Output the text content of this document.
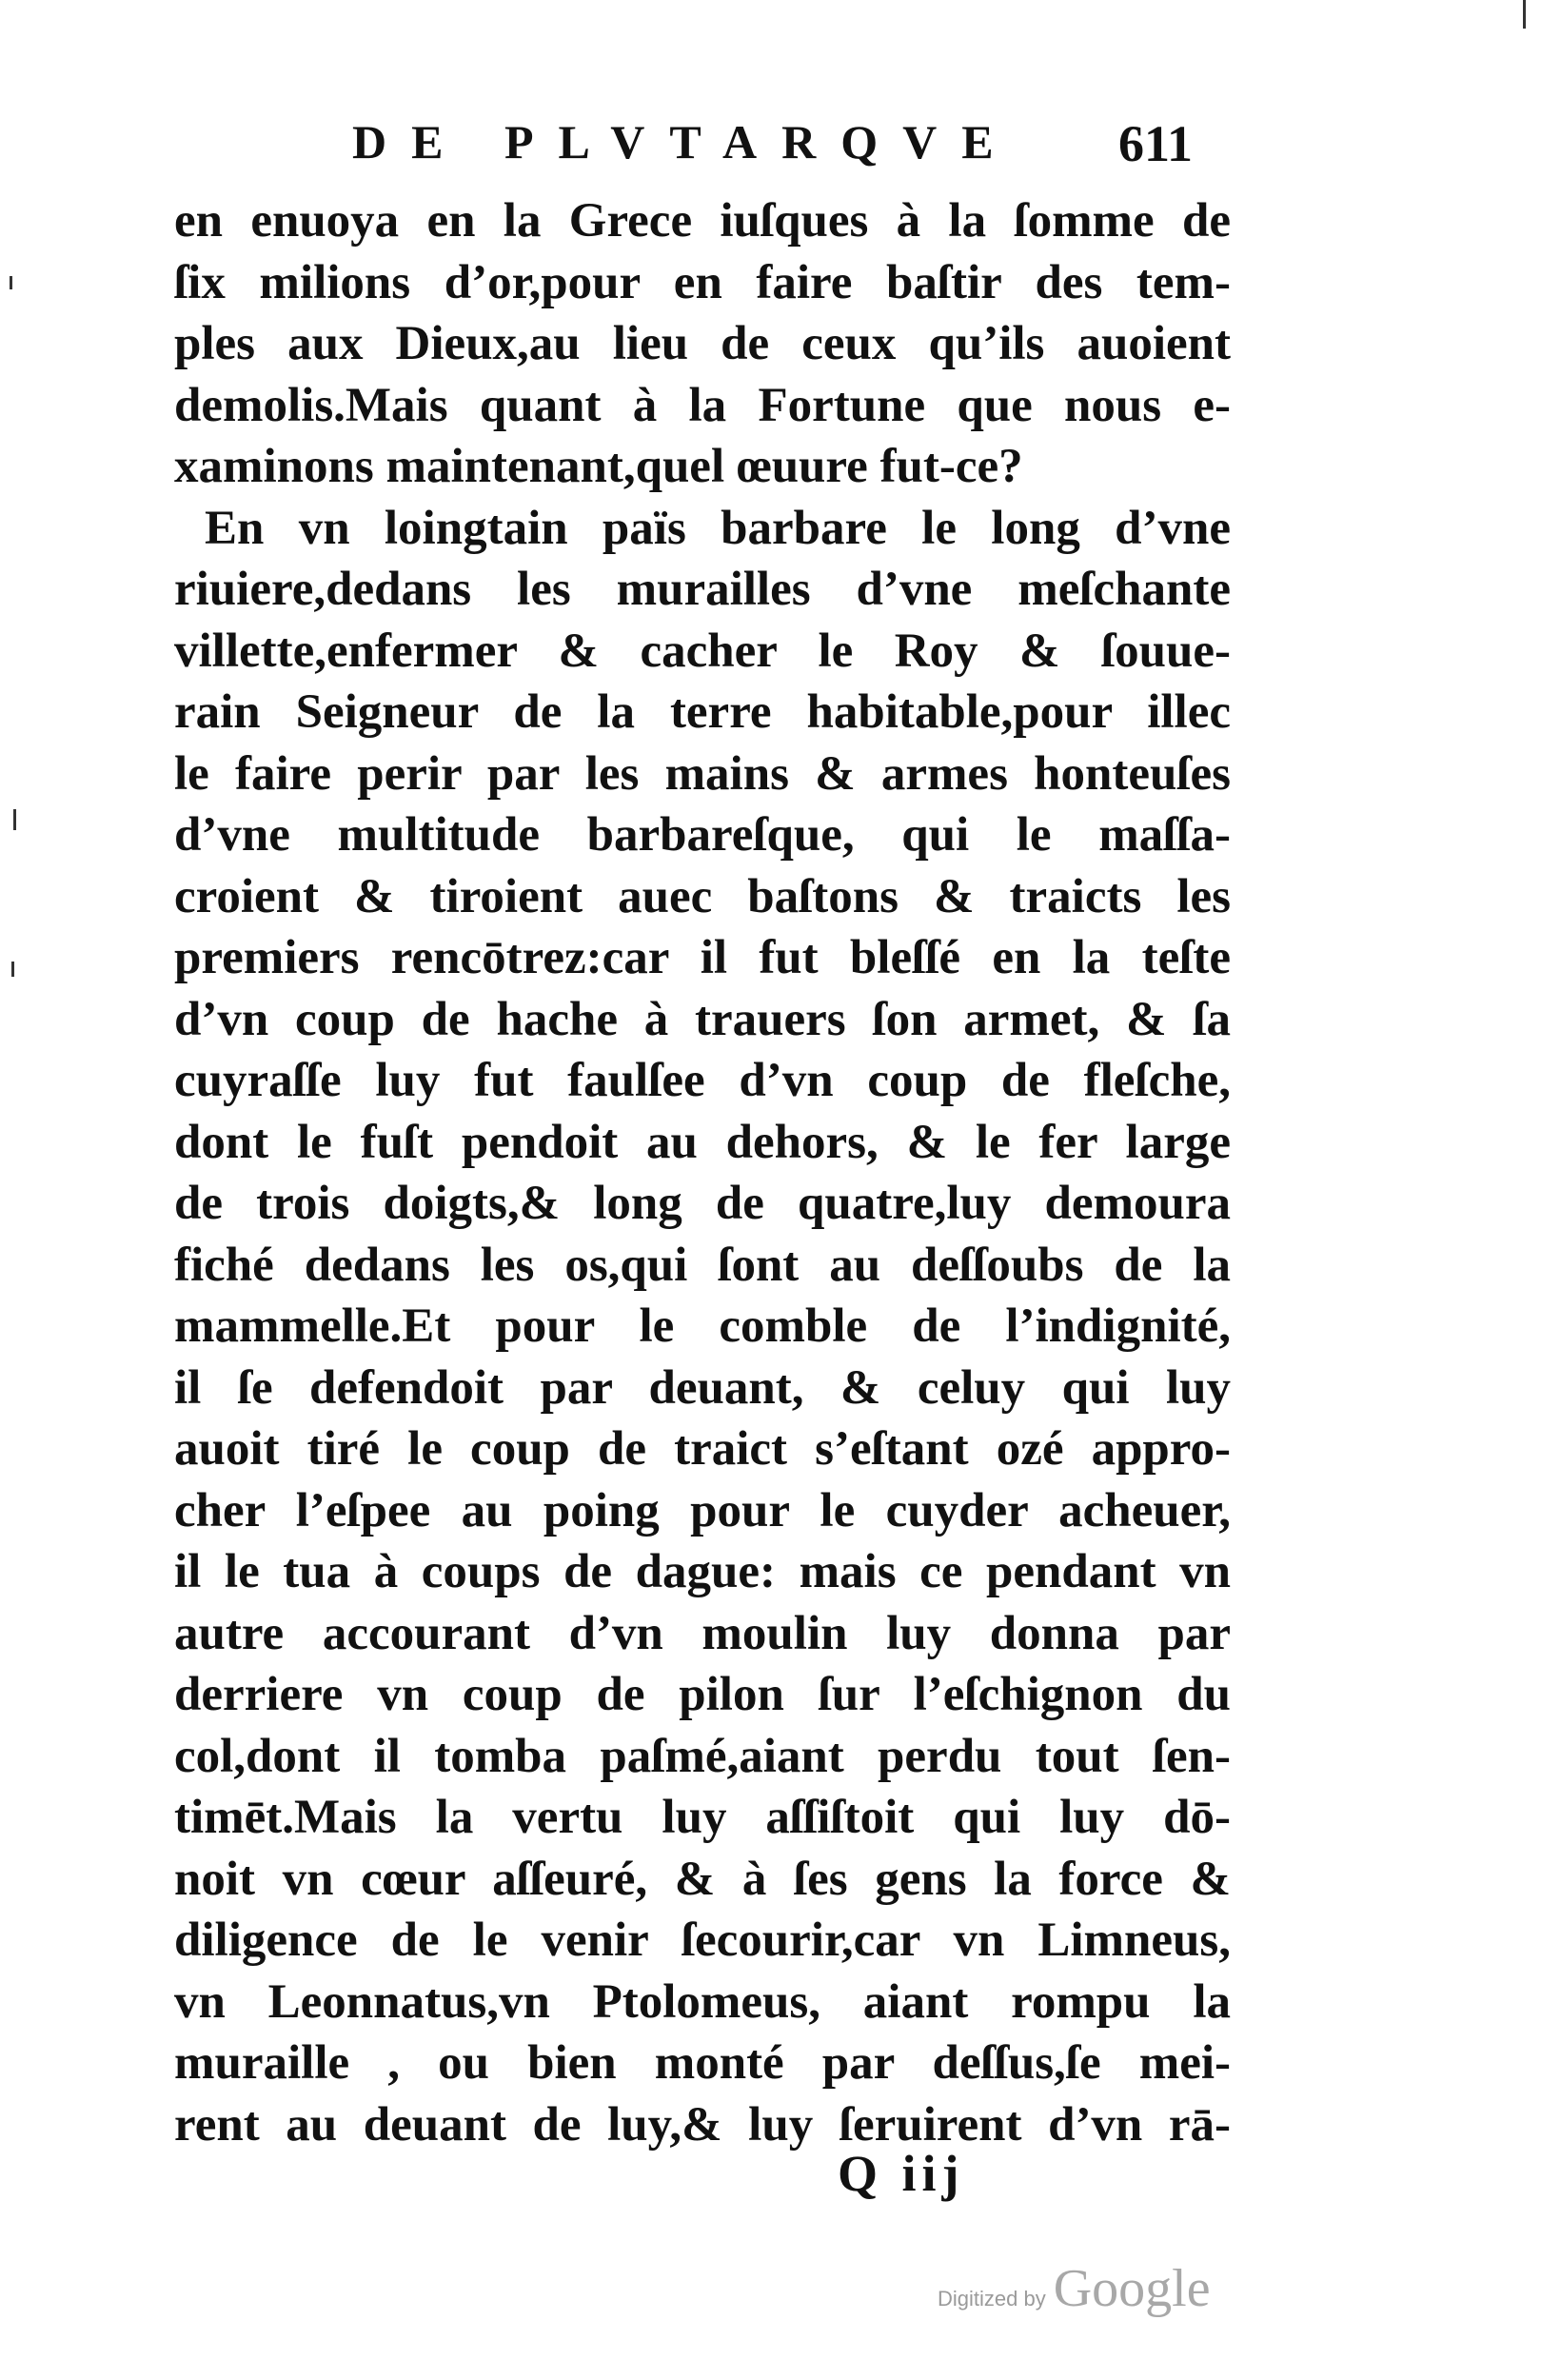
DE PLVTARQVE 611
en enuoya en la Grece iuſques à la ſomme de
ſix milions d’or,pour en faire baſtir des tem-
ples aux Dieux,au lieu de ceux qu’ils auoient
demolis.Mais quant à la Fortune que nous e-
xaminons maintenant,quel œuure fut-ce?
En vn loingtain païs barbare le long d’vne
riuiere,dedans les murailles d’vne meſchante
villette,enfermer & cacher le Roy & ſouue-
rain Seigneur de la terre habitable,pour illec
le faire perir par les mains & armes honteuſes
d’vne multitude barbareſque, qui le maſſa-
croient & tiroient auec baſtons & traicts les
premiers rencōtrez:car il fut bleſſé en la teſte
d’vn coup de hache à trauers ſon armet, & ſa
cuyraſſe luy fut faulſee d’vn coup de fleſche,
dont le fuſt pendoit au dehors, & le fer large
de trois doigts,& long de quatre,luy demoura
fiché dedans les os,qui ſont au deſſoubs de la
mammelle.Et pour le comble de l’indignité,
il ſe defendoit par deuant, & celuy qui luy
auoit tiré le coup de traict s’eſtant ozé appro-
cher l’eſpee au poing pour le cuyder acheuer,
il le tua à coups de dague: mais ce pendant vn
autre accourant d’vn moulin luy donna par
derriere vn coup de pilon ſur l’eſchignon du
col,dont il tomba paſmé,aiant perdu tout ſen-
timēt.Mais la vertu luy aſſiſtoit qui luy dō-
noit vn cœur aſſeuré, & à ſes gens la force &
diligence de le venir ſecourir,car vn Limneus,
vn Leonnatus,vn Ptolomeus, aiant rompu la
muraille , ou bien monté par deſſus,ſe mei-
rent au deuant de luy,& luy ſeruirent d’vn rā-
Q iij
Digitized by Google
